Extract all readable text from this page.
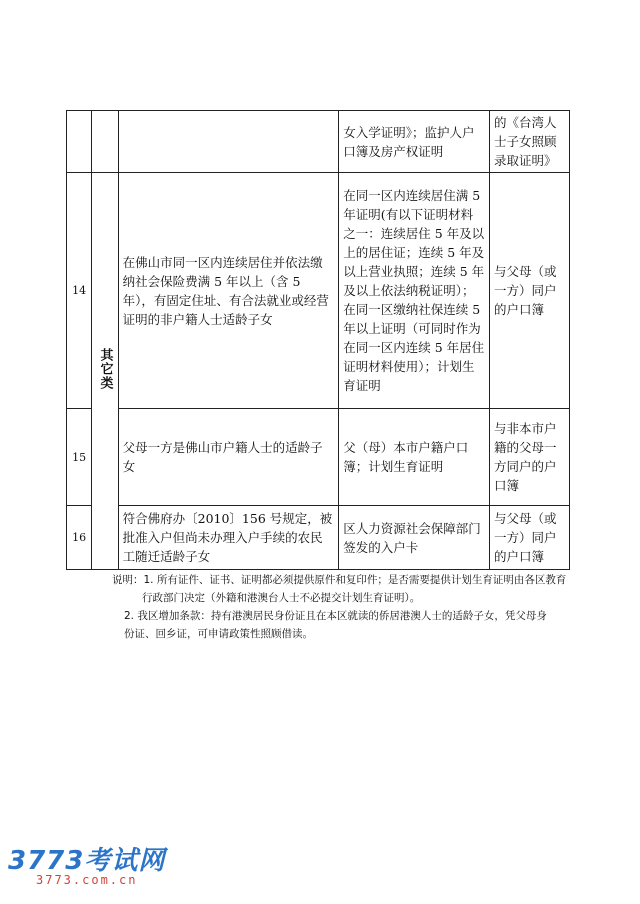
			女入学证明》；监护人户口簿及房产权证明	的《台湾人士子女照顾录取证明》

14	其它类	在佛山市同一区内连续居住并依法缴纳社会保险费满 5 年以上（含 5 年），有固定住址、有合法就业或经营证明的非户籍人士适龄子女	在同一区内连续居住满 5 年证明(有以下证明材料之一：连续居住 5 年及以上的居住证；连续 5 年及以上营业执照；连续 5 年及以上依法纳税证明）；在同一区缴纳社保连续 5 年以上证明（可同时作为在同一区内连续 5 年居住证明材料使用）；计划生育证明	与父母（或一方）同户的户口簿

15		父母一方是佛山市户籍人士的适龄子女	父（母）本市户籍户口簿；计划生育证明	与非本市户籍的父母一方同户的户口簿

16		符合佛府办〔2010〕156 号规定，被批准入户但尚未办理入户手续的农民工随迁适龄子女	区人力资源社会保障部门签发的入户卡	与父母（或一方）同户的户口簿

说明：1. 所有证件、证书、证明都必须提供原件和复印件；是否需要提供计划生育证明由各区教育

行政部门决定（外籍和港澳台人士不必提交计划生育证明）。

2. 我区增加条款：持有港澳居民身份证且在本区就读的侨居港澳人士的适龄子女，凭父母身

份证、回乡证，可申请政策性照顾借读。

3773考试网
3773.com.cn
